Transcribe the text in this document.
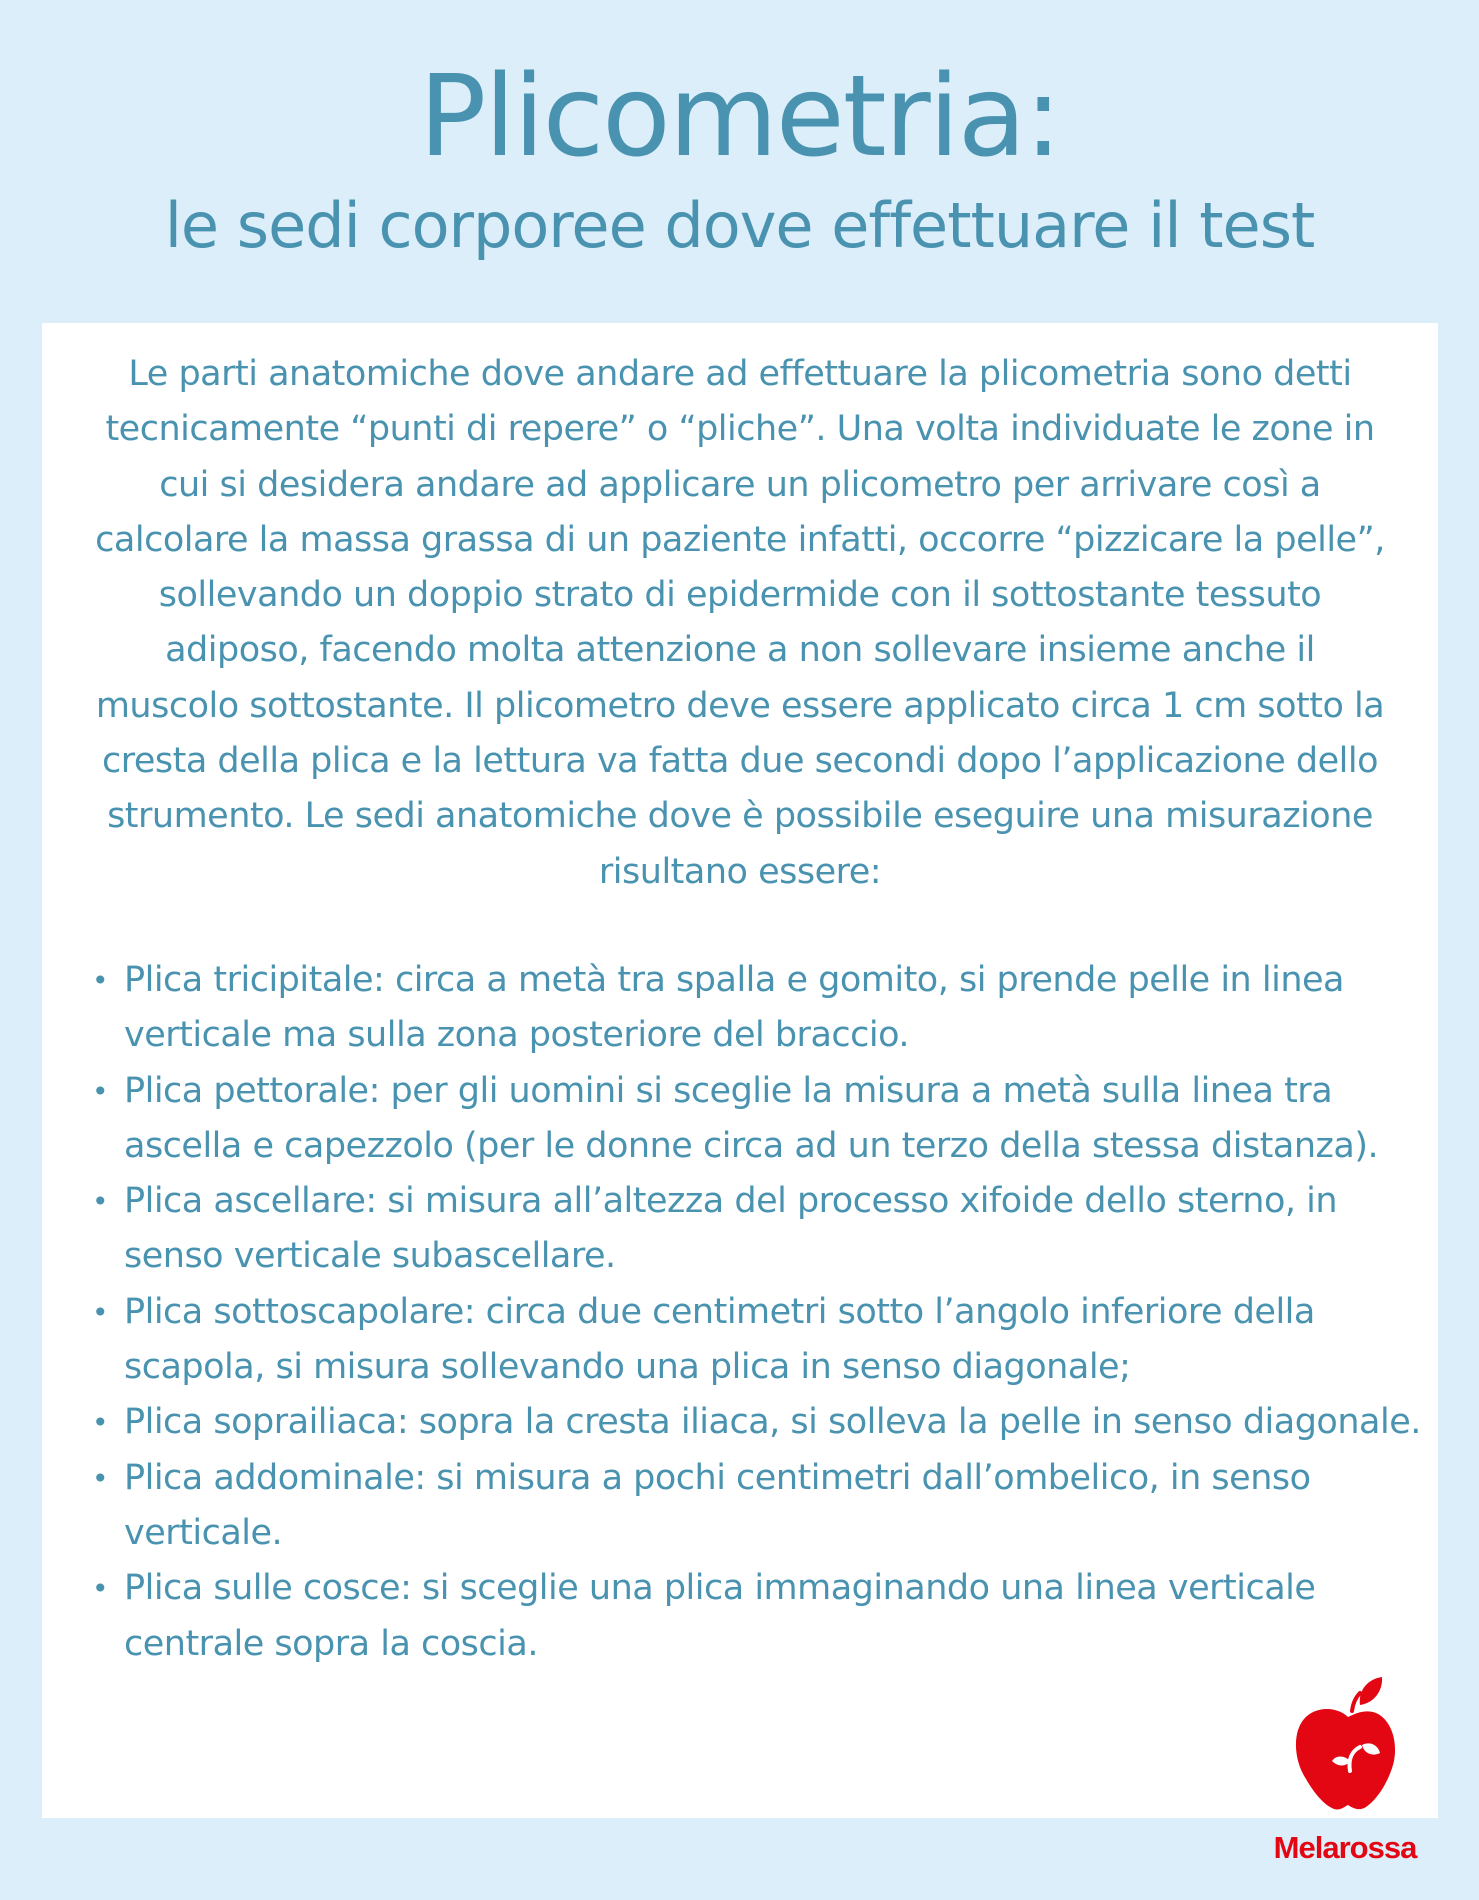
Plicometria:
le sedi corporee dove effettuare il test

Le parti anatomiche dove andare ad effettuare la plicometria sono detti tecnicamente “punti di repere” o “pliche”. Una volta individuate le zone in cui si desidera andare ad applicare un plicometro per arrivare così a calcolare la massa grassa di un paziente infatti, occorre “pizzicare la pelle”, sollevando un doppio strato di epidermide con il sottostante tessuto adiposo, facendo molta attenzione a non sollevare insieme anche il muscolo sottostante. Il plicometro deve essere applicato circa 1 cm sotto la cresta della plica e la lettura va fatta due secondi dopo l’applicazione dello strumento. Le sedi anatomiche dove è possibile eseguire una misurazione risultano essere:

• Plica tricipitale: circa a metà tra spalla e gomito, si prende pelle in linea verticale ma sulla zona posteriore del braccio.
• Plica pettorale: per gli uomini si sceglie la misura a metà sulla linea tra ascella e capezzolo (per le donne circa ad un terzo della stessa distanza).
• Plica ascellare: si misura all’altezza del processo xifoide dello sterno, in senso verticale subascellare.
• Plica sottoscapolare: circa due centimetri sotto l’angolo inferiore della scapola, si misura sollevando una plica in senso diagonale;
• Plica soprailiaca: sopra la cresta iliaca, si solleva la pelle in senso diagonale.
• Plica addominale: si misura a pochi centimetri dall’ombelico, in senso verticale.
• Plica sulle cosce: si sceglie una plica immaginando una linea verticale centrale sopra la coscia.
Melarossa
